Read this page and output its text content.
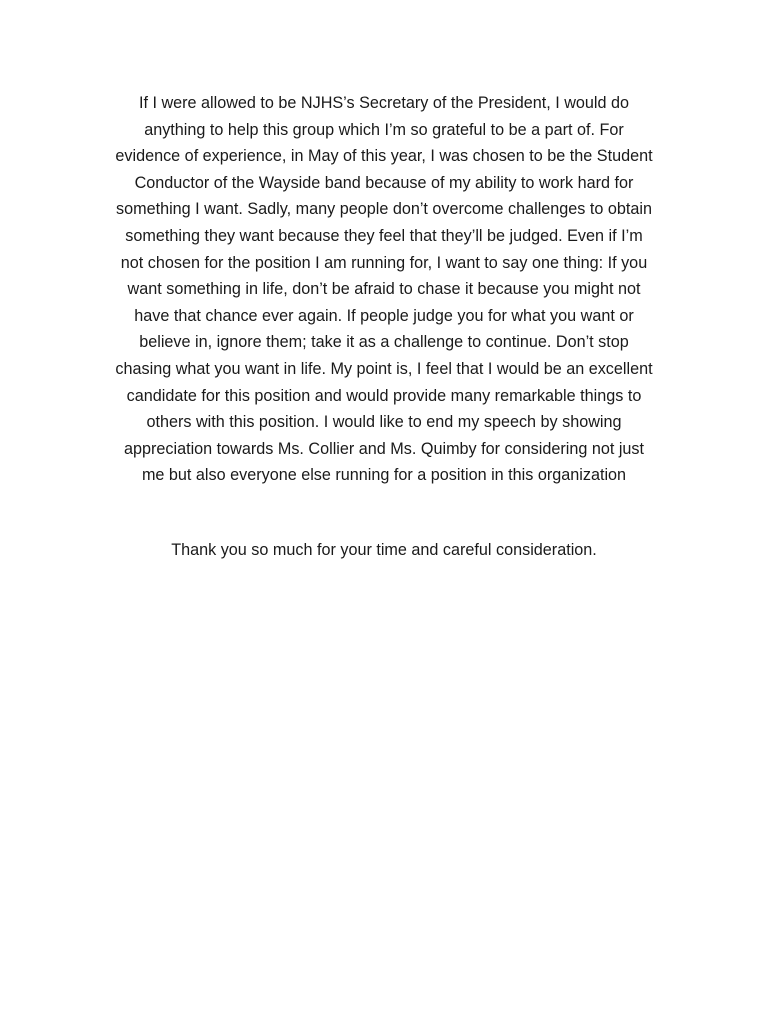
If I were allowed to be NJHS’s Secretary of the President, I would do
anything to help this group which I’m so grateful to be a part of. For
evidence of experience, in May of this year, I was chosen to be the Student
Conductor of the Wayside band because of my ability to work hard for
something I want. Sadly, many people don’t overcome challenges to obtain
something they want because they feel that they’ll be judged. Even if I’m
not chosen for the position I am running for, I want to say one thing: If you
want something in life, don’t be afraid to chase it because you might not
have that chance ever again. If people judge you for what you want or
believe in, ignore them; take it as a challenge to continue. Don’t stop
chasing what you want in life. My point is, I feel that I would be an excellent
candidate for this position and would provide many remarkable things to
others with this position. I would like to end my speech by showing
appreciation towards Ms. Collier and Ms. Quimby for considering not just
me but also everyone else running for a position in this organization

Thank you so much for your time and careful consideration.
